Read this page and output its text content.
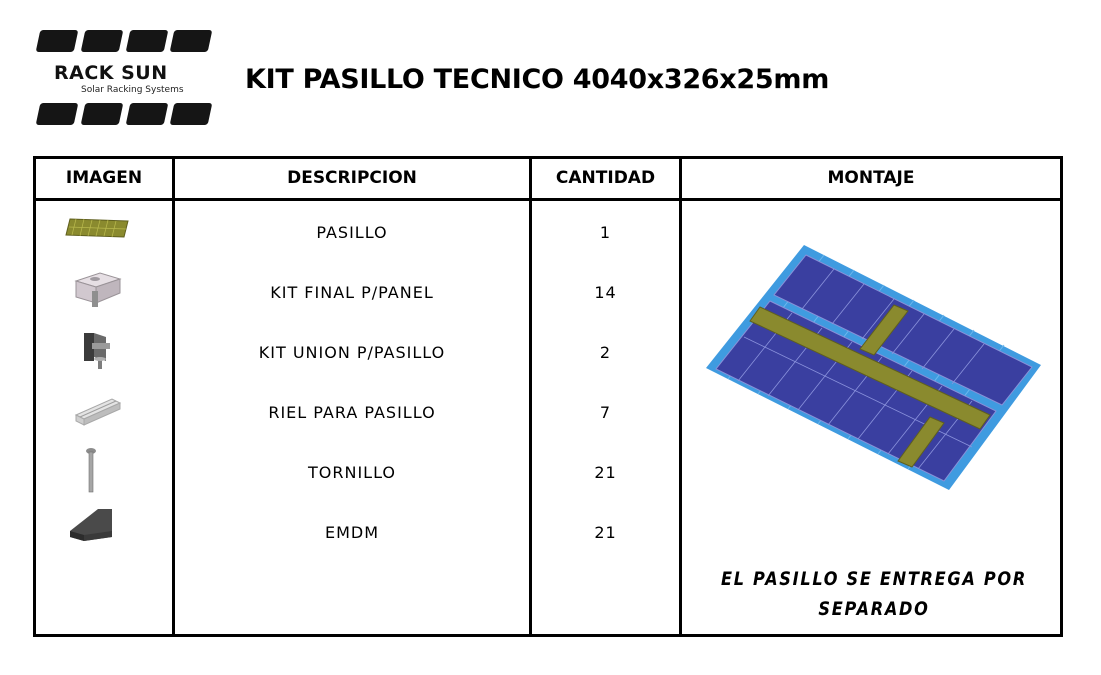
RACK SUN
Solar Racking Systems KIT PASILLO TECNICO 4040x326x25mm
IMAGEN	DESCRIPCION	CANTIDAD	MONTAJE
PASILLO	1
KIT FINAL P/PANEL	14
KIT UNION P/PASILLO	2
RIEL PARA PASILLO	7
TORNILLO	21
EMDM	21
EL PASILLO SE ENTREGA POR SEPARADO
